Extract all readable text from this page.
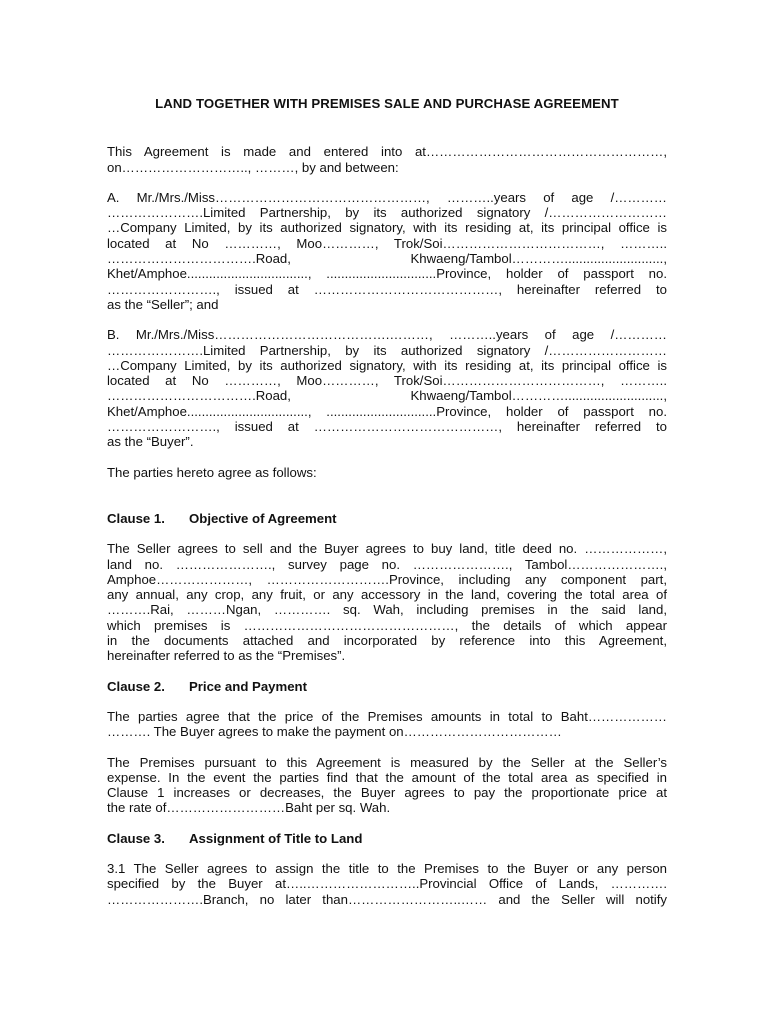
LAND TOGETHER WITH PREMISES SALE AND PURCHASE AGREEMENT
This Agreement is made and entered into at………………………………………………,
on……………………….., ………, by and between:
A. Mr./Mrs./Miss…………………………………………, ………..years of age /…………
………………….Limited Partnership, by its authorized signatory /………………………
…Company Limited, by its authorized signatory, with its residing at, its principal office is
located at No …………, Moo…………, Trok/Soi………………………………, ………..
…………………………….Road, Khwaeng/Tambol…………...........................,
Khet/Amphoe................................., ..............................Province, holder of passport no.
……………………., issued at ……………………………………, hereinafter referred to
as the “Seller”; and
B. Mr./Mrs./Miss………………………………….………, ………..years of age /…………
………………….Limited Partnership, by its authorized signatory /………………………
…Company Limited, by its authorized signatory, with its residing at, its principal office is
located at No …………, Moo…………, Trok/Soi………………………………, ………..
…………………………….Road, Khwaeng/Tambol…………...........................,
Khet/Amphoe................................., ..............................Province, holder of passport no.
……………………., issued at ……………………………………, hereinafter referred to
as the “Buyer”.
The parties hereto agree as follows:
Clause 1.	Objective of Agreement
The Seller agrees to sell and the Buyer agrees to buy land, title deed no. ………………,
land no. …………………., survey page no. …………………., Tambol………………….,
Amphoe…………………, ……………………….Province, including any component part,
any annual, any crop, any fruit, or any accessory in the land, covering the total area of
……….Rai, ………Ngan, …………. sq. Wah, including premises in the said land,
which premises is …………………………………………, the details of which appear
in the documents attached and incorporated by reference into this Agreement,
hereinafter referred to as the “Premises”.
Clause 2.	Price and Payment
The parties agree that the price of the Premises amounts in total to Baht………………
………. The Buyer agrees to make the payment on………………………………
The Premises pursuant to this Agreement is measured by the Seller at the Seller’s
expense. In the event the parties find that the amount of the total area as specified in
Clause 1 increases or decreases, the Buyer agrees to pay the proportionate price at
the rate of………………………Baht per sq. Wah.
Clause 3.	Assignment of Title to Land
3.1 The Seller agrees to assign the title to the Premises to the Buyer or any person
specified by the Buyer at…..……………………..Provincial Office of Lands, ………….
………………….Branch, no later than……………………..…… and the Seller will notify
